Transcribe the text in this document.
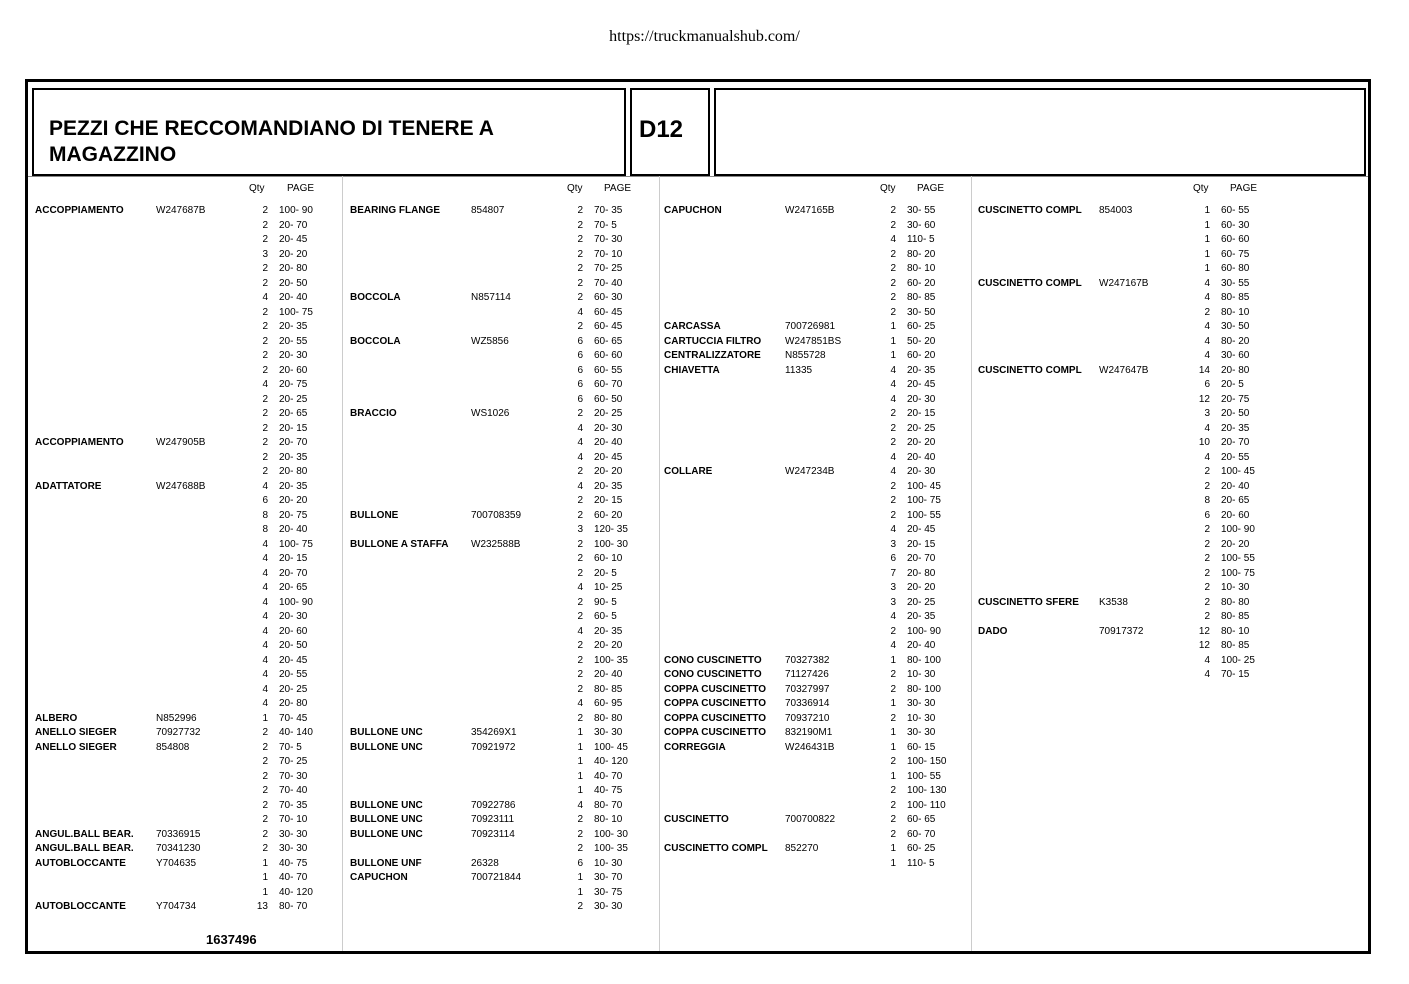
https://truckmanualshub.com/
PEZZI CHE RECCOMANDIANO DI TENERE A
MAGAZZINO
D12
Qty PAGE
ACCOPPIAMENTO	W247687B	2 100- 90
2 20- 70
2 20- 45
3 20- 20
2 20- 80
2 20- 50
4 20- 40
2 100- 75
2 20- 35
2 20- 55
2 20- 30
2 20- 60
4 20- 75
2 20- 25
2 20- 65
2 20- 15
ACCOPPIAMENTO	W247905B	2 20- 70
2 20- 35
2 20- 80
ADATTATORE	W247688B	4 20- 35
6 20- 20
8 20- 75
8 20- 40
4 100- 75
4 20- 15
4 20- 70
4 20- 65
4 100- 90
4 20- 30
4 20- 60
4 20- 50
4 20- 45
4 20- 55
4 20- 25
4 20- 80
ALBERO	N852996	1 70- 45
ANELLO SIEGER	70927732	2 40- 140
ANELLO SIEGER	854808	2 70- 5
2 70- 25
2 70- 30
2 70- 40
2 70- 35
2 70- 10
ANGUL.BALL BEAR. 70336915	2 30- 30
ANGUL.BALL BEAR. 70341230	2 30- 30
AUTOBLOCCANTE	Y704635	1 40- 75
1 40- 70
1 40- 120
AUTOBLOCCANTE	Y704734	13 80- 70
Qty PAGE
BEARING FLANGE	854807	2 70- 35
2 70- 5
2 70- 30
2 70- 10
2 70- 25
2 70- 40
BOCCOLA	N857114	2 60- 30
4 60- 45
2 60- 45
BOCCOLA	WZ5856	6 60- 65
6 60- 60
6 60- 55
6 60- 70
6 60- 50
BRACCIO	WS1026	2 20- 25
4 20- 30
4 20- 40
4 20- 45
2 20- 20
4 20- 35
2 20- 15
BULLONE	700708359	2 60- 20
3 120- 35
BULLONE A STAFFA W232588B	2 100- 30
2 60- 10
2 20- 5
4 10- 25
2 90- 5
2 60- 5
4 20- 35
2 20- 20
2 100- 35
2 20- 40
2 80- 85
4 60- 95
2 80- 80
BULLONE UNC	354269X1	1 30- 30
BULLONE UNC	70921972	1 100- 45
1 40- 120
1 40- 70
1 40- 75
BULLONE UNC	70922786	4 80- 70
BULLONE UNC	70923111	2 80- 10
BULLONE UNC	70923114	2 100- 30
2 100- 35
BULLONE UNF	26328	6 10- 30
CAPUCHON	700721844	1 30- 70
1 30- 75
2 30- 30
Qty PAGE
CAPUCHON	W247165B	2 30- 55
2 30- 60
4 110- 5
2 80- 20
2 80- 10
2 60- 20
2 80- 85
2 30- 50
CARCASSA	700726981	1 60- 25
CARTUCCIA FILTRO W247851BS	1 50- 20
CENTRALIZZATORE N855728	1 60- 20
CHIAVETTA	11335	4 20- 35
4 20- 45
4 20- 30
2 20- 15
2 20- 25
2 20- 20
4 20- 40
COLLARE	W247234B	4 20- 30
2 100- 45
2 100- 75
2 100- 55
4 20- 45
3 20- 15
6 20- 70
7 20- 80
3 20- 20
3 20- 25
4 20- 35
2 100- 90
4 20- 40
CONO CUSCINETTO 70327382	1 80- 100
CONO CUSCINETTO 71127426	2 10- 30
COPPA CUSCINETTO 70327997	2 80- 100
COPPA CUSCINETTO 70336914	1 30- 30
COPPA CUSCINETTO 70937210	2 10- 30
COPPA CUSCINETTO 832190M1	1 30- 30
CORREGGIA	W246431B	1 60- 15
2 100- 150
1 100- 55
2 100- 130
2 100- 110
CUSCINETTO	700700822	2 60- 65
2 60- 70
CUSCINETTO COMPL 852270	1 60- 25
1 110- 5
Qty PAGE
CUSCINETTO COMPL 854003	1 60- 55
1 60- 30
1 60- 60
1 60- 75
1 60- 80
CUSCINETTO COMPL W247167B	4 30- 55
4 80- 85
2 80- 10
4 30- 50
4 80- 20
4 30- 60
CUSCINETTO COMPL W247647B	14 20- 80
6 20- 5
12 20- 75
3 20- 50
4 20- 35
10 20- 70
4 20- 55
2 100- 45
2 20- 40
8 20- 65
6 20- 60
2 100- 90
2 20- 20
2 100- 55
2 100- 75
2 10- 30
CUSCINETTO SFERE K3538	2 80- 80
2 80- 85
DADO	70917372	12 80- 10
12 80- 85
4 100- 25
4 70- 15
1637496
